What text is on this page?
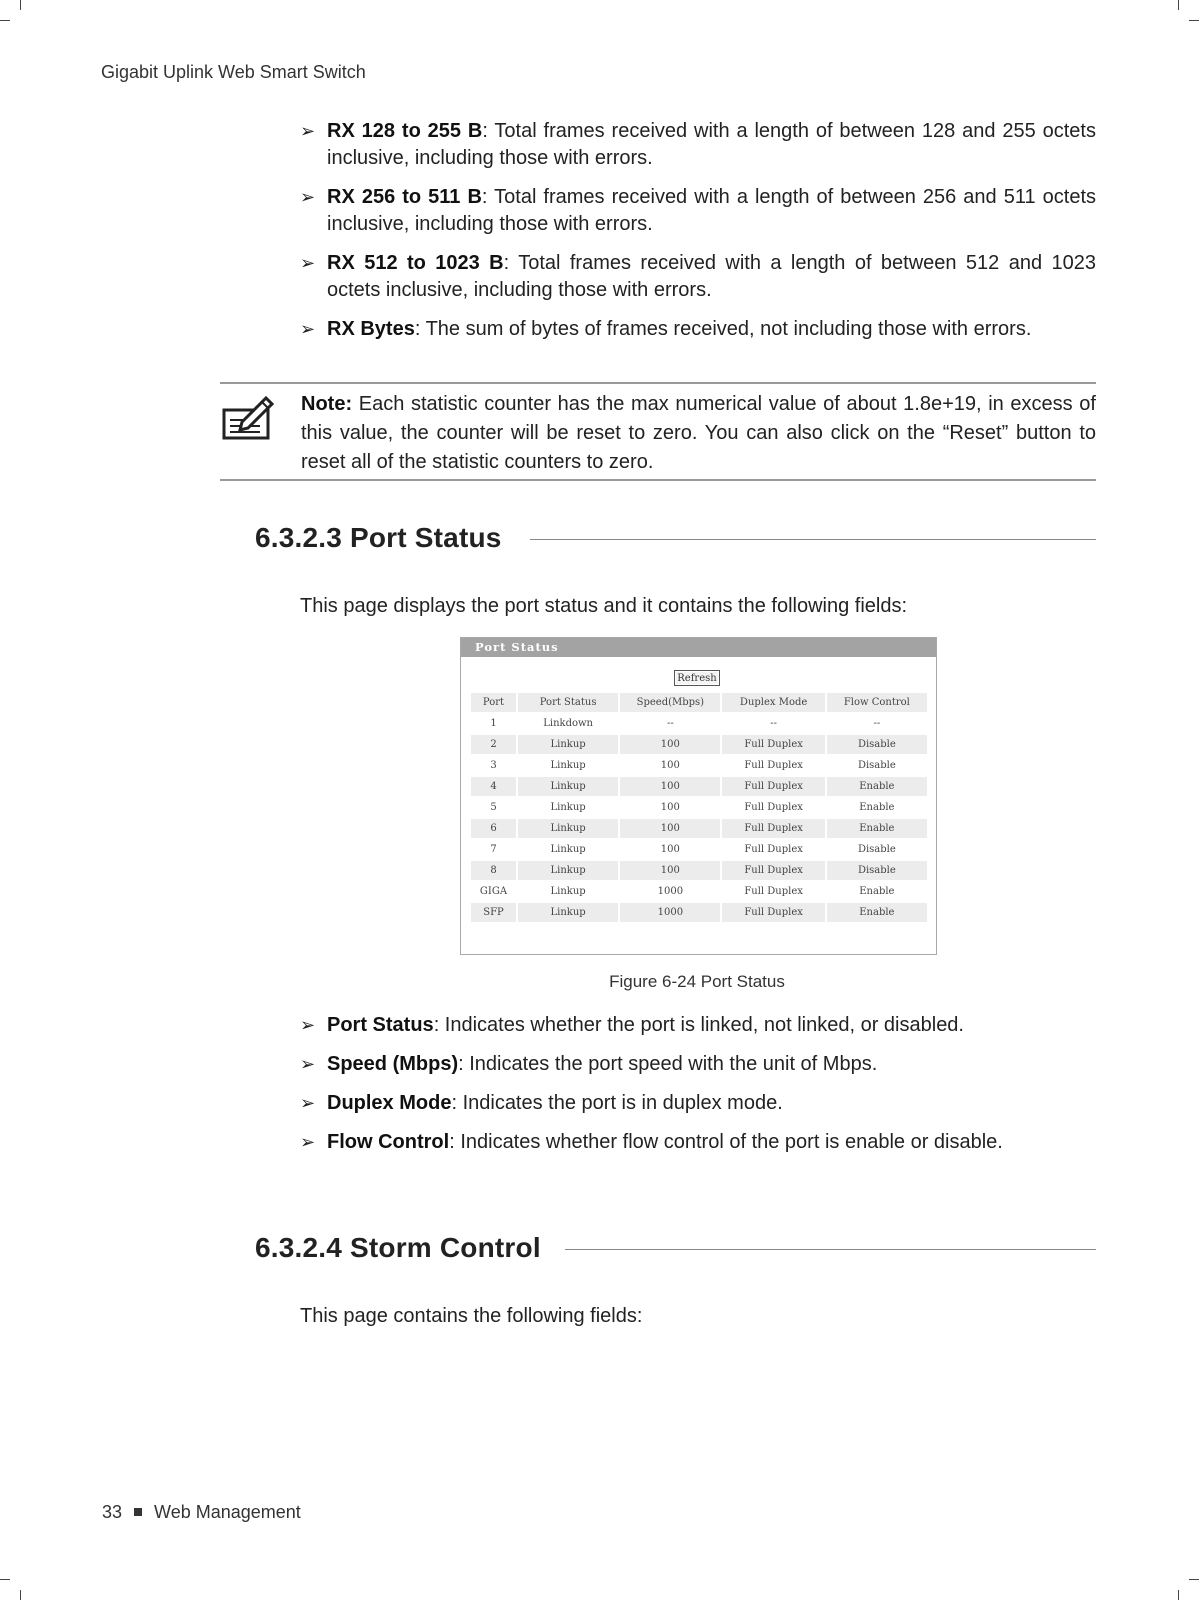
Gigabit Uplink Web Smart Switch
➢ RX 128 to 255 B: Total frames received with a length of between 128 and 255 octets inclusive, including those with errors.
➢ RX 256 to 511 B: Total frames received with a length of between 256 and 511 octets inclusive, including those with errors.
➢ RX 512 to 1023 B: Total frames received with a length of between 512 and 1023 octets inclusive, including those with errors.
➢ RX Bytes: The sum of bytes of frames received, not including those with errors.
Note: Each statistic counter has the max numerical value of about 1.8e+19, in excess of this value, the counter will be reset to zero. You can also click on the “Reset” button to reset all of the statistic counters to zero.
6.3.2.3 Port Status
This page displays the port status and it contains the following fields:
Port Status
Refresh
Port	Port Status	Speed(Mbps)	Duplex Mode	Flow Control
1	Linkdown	--	--	--
2	Linkup	100	Full Duplex	Disable
3	Linkup	100	Full Duplex	Disable
4	Linkup	100	Full Duplex	Enable
5	Linkup	100	Full Duplex	Enable
6	Linkup	100	Full Duplex	Enable
7	Linkup	100	Full Duplex	Disable
8	Linkup	100	Full Duplex	Disable
GIGA	Linkup	1000	Full Duplex	Enable
SFP	Linkup	1000	Full Duplex	Enable
Figure 6-24 Port Status
➢ Port Status: Indicates whether the port is linked, not linked, or disabled.
➢ Speed (Mbps): Indicates the port speed with the unit of Mbps.
➢ Duplex Mode: Indicates the port is in duplex mode.
➢ Flow Control: Indicates whether flow control of the port is enable or disable.
6.3.2.4 Storm Control
This page contains the following fields:
33 Web Management
